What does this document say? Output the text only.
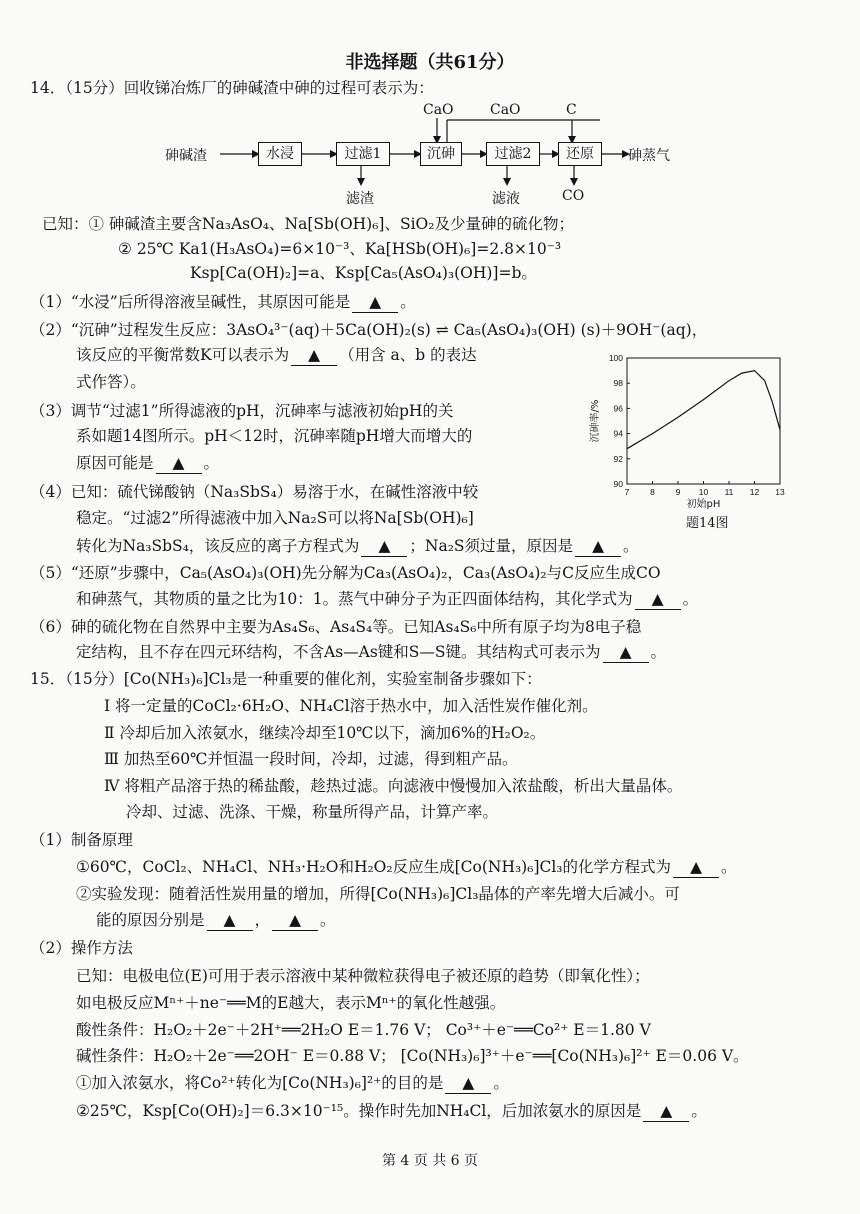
非选择题（共61分）
14．（15分）回收锑冶炼厂的砷碱渣中砷的过程可表示为：
砷碱渣	水浸	过滤1	沉砷	过滤2	还原	砷蒸气
CaO	CaO	C
滤渣	滤液	CO
已知：① 砷碱渣主要含Na₃AsO₄、Na[Sb(OH)₆]、SiO₂及少量砷的硫化物；
② 25℃ Ka1(H₃AsO₄)=6×10⁻³、Ka[HSb(OH)₆]=2.8×10⁻³
Ksp[Ca(OH)₂]=a、Ksp[Ca₅(AsO₄)₃(OH)]=b。
（1）“水浸”后所得溶液呈碱性，其原因可能是 ▲ 。
（2）“沉砷”过程发生反应：3AsO₄³⁻(aq)＋5Ca(OH)₂(s) ⇌ Ca₅(AsO₄)₃(OH) (s)＋9OH⁻(aq)，
该反应的平衡常数K可以表示为 ▲ （用含 a、b 的表达
式作答）。
（3）调节“过滤1”所得滤液的pH，沉砷率与滤液初始pH的关
系如题14图所示。pH＜12时，沉砷率随pH增大而增大的
原因可能是 ▲ 。
（4）已知：硫代锑酸钠（Na₃SbS₄）易溶于水，在碱性溶液中较
稳定。“过滤2”所得滤液中加入Na₂S可以将Na[Sb(OH)₆]
转化为Na₃SbS₄，该反应的离子方程式为 ▲ ；Na₂S须过量，原因是 ▲ 。
7 8 9 10 11 12 13
90
92
94
96
98
100
初始pH
沉砷率/%
题14图
（5）“还原”步骤中，Ca₅(AsO₄)₃(OH)先分解为Ca₃(AsO₄)₂，Ca₃(AsO₄)₂与C反应生成CO
和砷蒸气，其物质的量之比为10：1。蒸气中砷分子为正四面体结构，其化学式为 ▲ 。
（6）砷的硫化物在自然界中主要为As₄S₆、As₄S₄等。已知As₄S₆中所有原子均为8电子稳
定结构，且不存在四元环结构，不含As—As键和S—S键。其结构式可表示为 ▲ 。
15．（15分）[Co(NH₃)₆]Cl₃是一种重要的催化剂，实验室制备步骤如下：
Ⅰ 将一定量的CoCl₂·6H₂O、NH₄Cl溶于热水中，加入活性炭作催化剂。
Ⅱ 冷却后加入浓氨水，继续冷却至10℃以下，滴加6%的H₂O₂。
Ⅲ 加热至60℃并恒温一段时间，冷却，过滤，得到粗产品。
Ⅳ 将粗产品溶于热的稀盐酸，趁热过滤。向滤液中慢慢加入浓盐酸，析出大量晶体。
冷却、过滤、洗涤、干燥，称量所得产品，计算产率。
（1）制备原理
①60℃，CoCl₂、NH₄Cl、NH₃·H₂O和H₂O₂反应生成[Co(NH₃)₆]Cl₃的化学方程式为 ▲ 。
②实验发现：随着活性炭用量的增加，所得[Co(NH₃)₆]Cl₃晶体的产率先增大后减小。可
能的原因分别是 ▲ ， ▲ 。
（2）操作方法
已知：电极电位(E)可用于表示溶液中某种微粒获得电子被还原的趋势（即氧化性）；
如电极反应Mⁿ⁺＋ne⁻══M的E越大，表示Mⁿ⁺的氧化性越强。
酸性条件：H₂O₂＋2e⁻＋2H⁺══2H₂O E＝1.76 V； Co³⁺＋e⁻══Co²⁺ E＝1.80 V
碱性条件：H₂O₂＋2e⁻══2OH⁻ E＝0.88 V； [Co(NH₃)₆]³⁺＋e⁻══[Co(NH₃)₆]²⁺ E＝0.06 V。
①加入浓氨水，将Co²⁺转化为[Co(NH₃)₆]²⁺的目的是 ▲ 。
②25℃，Ksp[Co(OH)₂]＝6.3×10⁻¹⁵。操作时先加NH₄Cl，后加浓氨水的原因是 ▲ 。
第 4 页 共 6 页
